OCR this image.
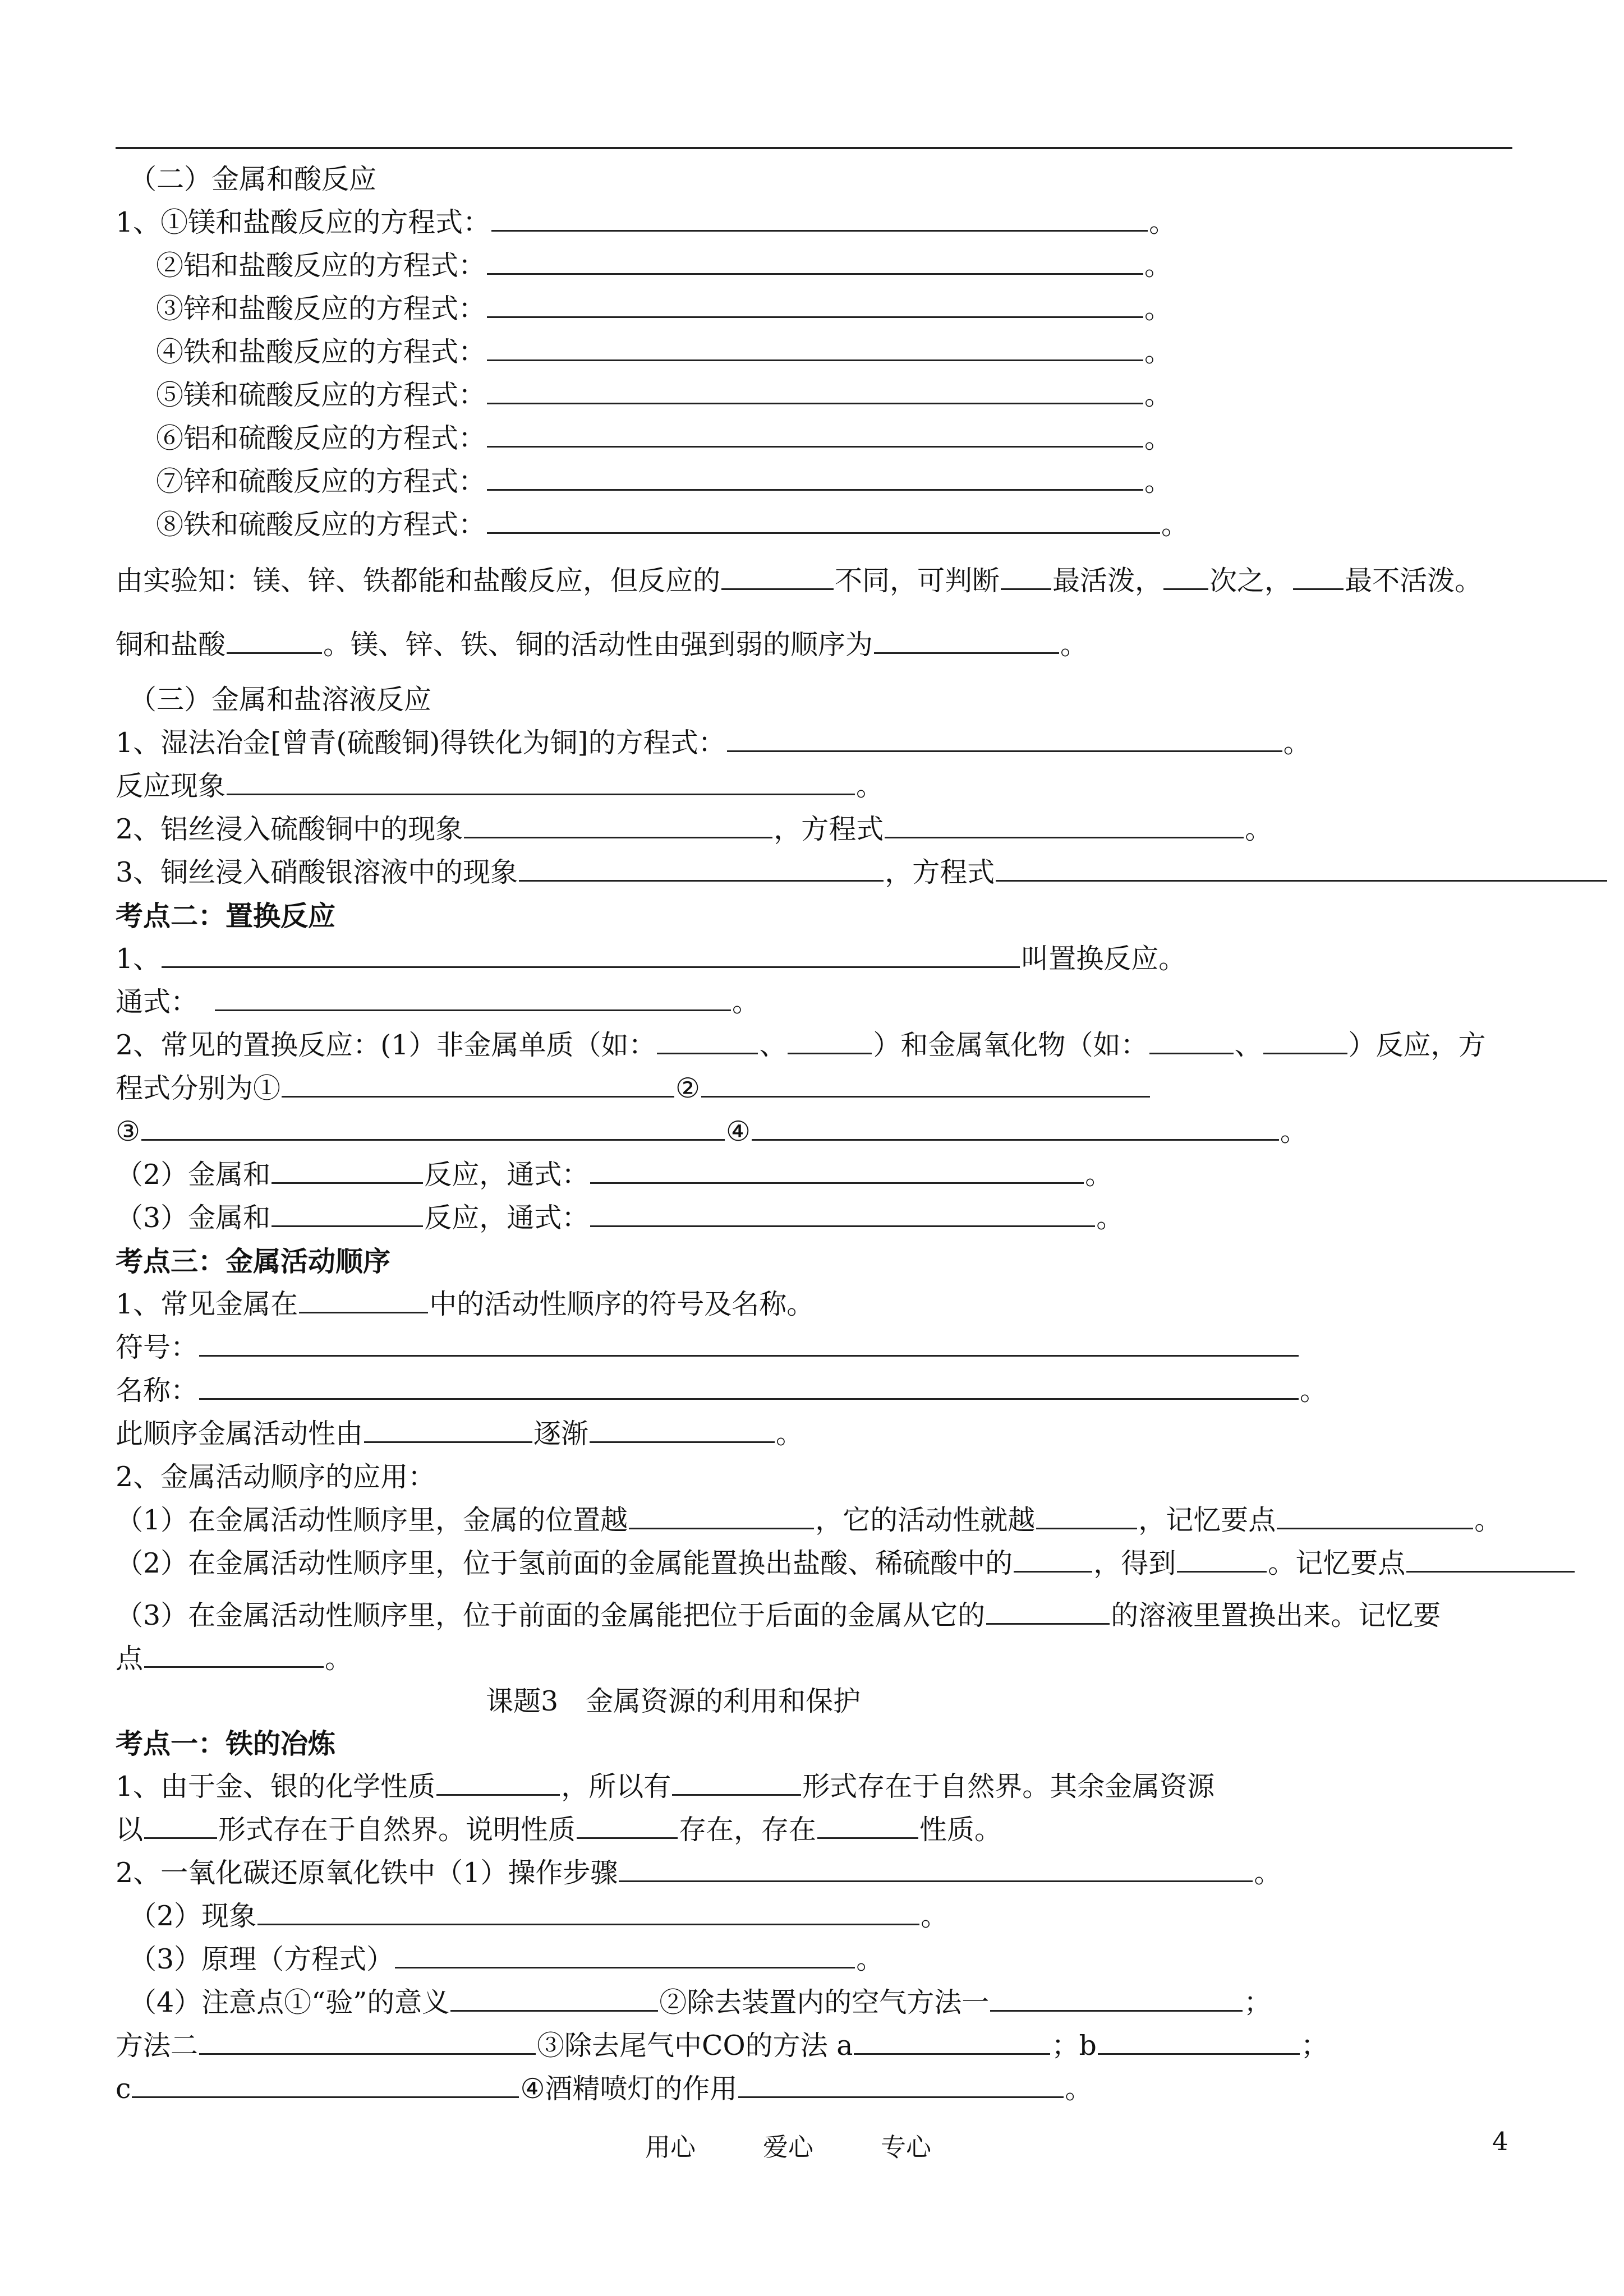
（二）金属和酸反应
1、①镁和盐酸反应的方程式：	。
②铝和盐酸反应的方程式：	。
③锌和盐酸反应的方程式：	。
④铁和盐酸反应的方程式：	。
⑤镁和硫酸反应的方程式：	。
⑥铝和硫酸反应的方程式：	。
⑦锌和硫酸反应的方程式：	。
⑧铁和硫酸反应的方程式：	。
由实验知：镁、锌、铁都能和盐酸反应，但反应的	不同，可判断 最活泼， 次之， 最不活泼。
铜和盐酸	。镁、锌、铁、铜的活动性由强到弱的顺序为	。
（三）金属和盐溶液反应
1、湿法冶金[曾青(硫酸铜)得铁化为铜]的方程式：	。
反应现象	。
2、铝丝浸入硫酸铜中的现象	，方程式	。
3、铜丝浸入硝酸银溶液中的现象	，方程式
考点二：置换反应
1、	叫置换反应。
通式：	。
2、常见的置换反应：(1）非金属单质（如：	、	）和金属氧化物（如：	、	）反应，方
程式分别为①	②
③	④	。
（2）金属和	反应，通式：	。
（3）金属和	反应，通式：	。
考点三：金属活动顺序
1、常见金属在	中的活动性顺序的符号及名称。
符号：
名称：	。
此顺序金属活动性由	逐渐	。
2、金属活动顺序的应用：
（1）在金属活动性顺序里，金属的位置越	，它的活动性就越	，记忆要点	。
（2）在金属活动性顺序里，位于氢前面的金属能置换出盐酸、稀硫酸中的	，得到	。记忆要点
（3）在金属活动性顺序里，位于前面的金属能把位于后面的金属从它的	的溶液里置换出来。记忆要
点	。
课题3　金属资源的利用和保护
考点一：铁的冶炼
1、由于金、银的化学性质	，所以有	形式存在于自然界。其余金属资源
以	形式存在于自然界。说明性质	存在，存在	性质。
2、一氧化碳还原氧化铁中（1）操作步骤	。
（2）现象	。
（3）原理（方程式）	。
（4）注意点①“验”的意义	②除去装置内的空气方法一	；
方法二	③除去尾气中CO的方法 a	；b	；
c	④酒精喷灯的作用	。
用心	爱心	专心	4
